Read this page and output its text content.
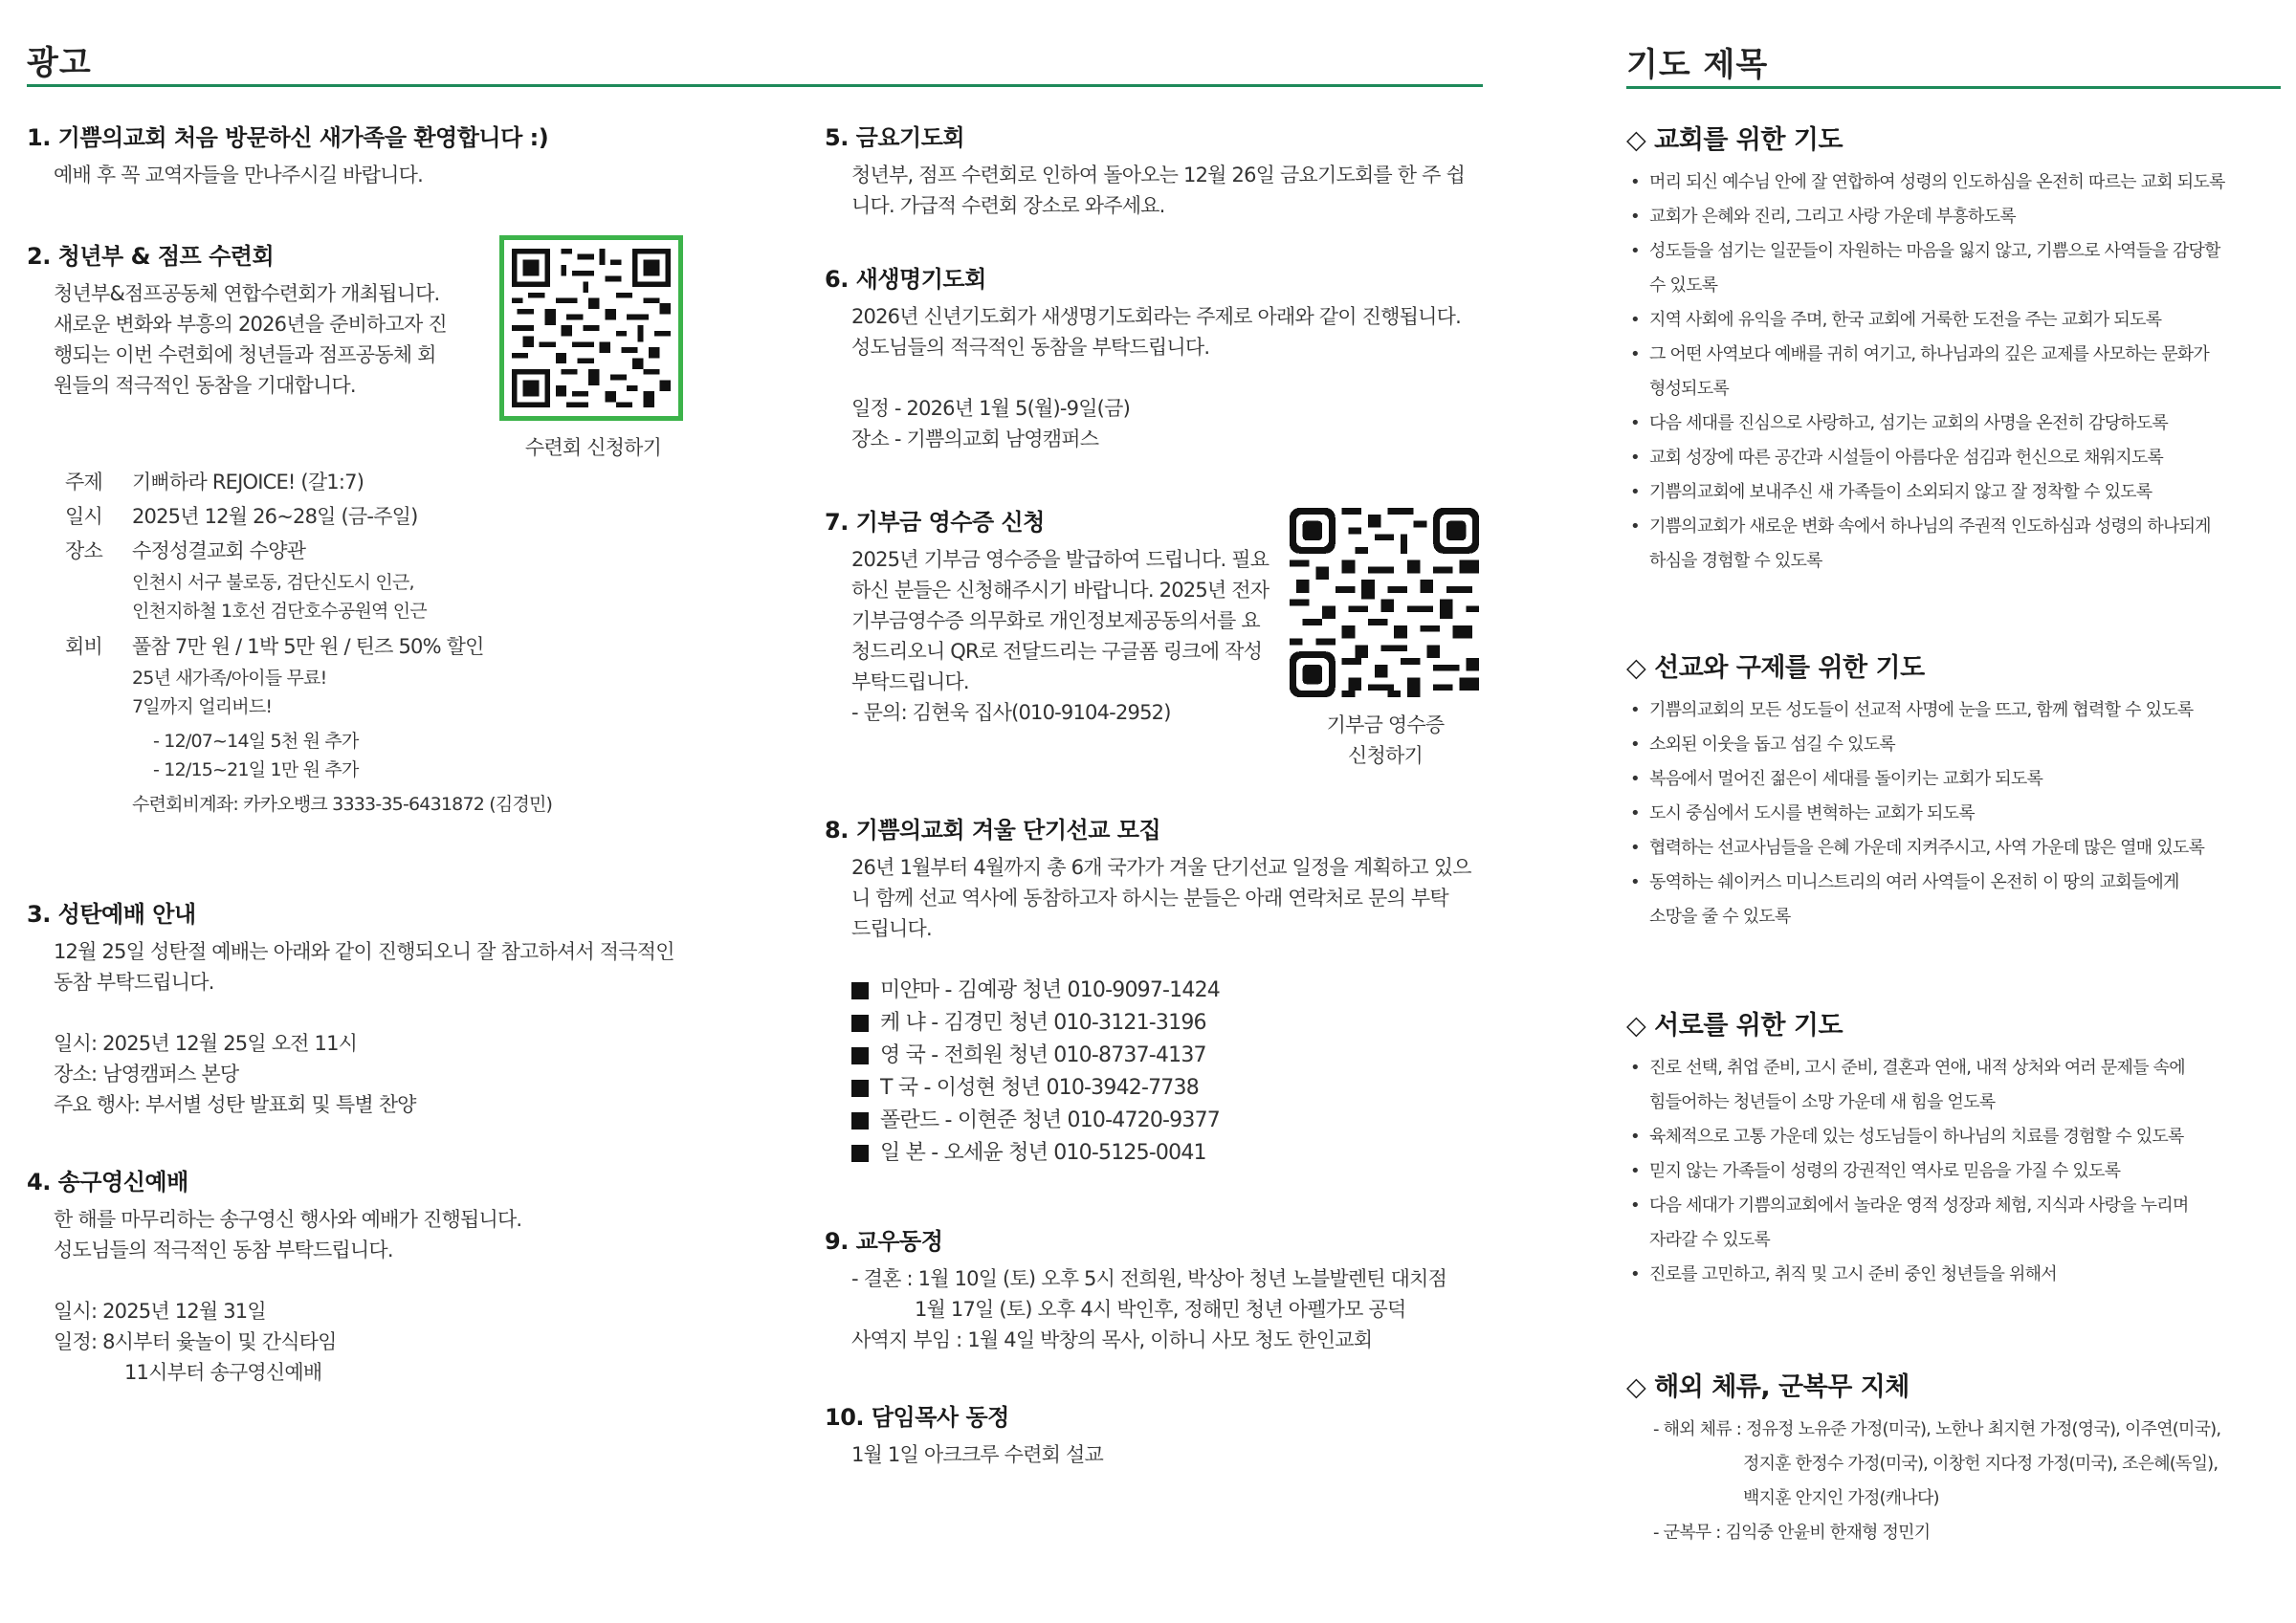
광고
1. 기쁨의교회 처음 방문하신 새가족을 환영합니다 :)

예배 후 꼭 교역자들을 만나주시길 바랍니다.

2. 청년부 & 점프 수련회

청년부&점프공동체 연합수련회가 개최됩니다.

새로운 변화와 부흥의 2026년을 준비하고자 진

행되는 이번 수련회에 청년들과 점프공동체 회

원들의 적극적인 동참을 기대합니다.

수련회 신청하기
주제	기뻐하라 REJOICE! (갈1:7)
일시	2025년 12월 26~28일 (금-주일)
장소	수정성결교회 수양관
인천시 서구 불로동, 검단신도시 인근,
인천지하철 1호선 검단호수공원역 인근
회비	풀참 7만 원 / 1박 5만 원 / 틴즈 50% 할인
25년 새가족/아이들 무료!
7일까지 얼리버드!
- 12/07~14일 5천 원 추가
- 12/15~21일 1만 원 추가
수련회비계좌: 카카오뱅크 3333-35-6431872 (김경민)
3. 성탄예배 안내

12월 25일 성탄절 예배는 아래와 같이 진행되오니 잘 참고하셔서 적극적인

동참 부탁드립니다.

일시: 2025년 12월 25일 오전 11시

장소: 남영캠퍼스 본당

주요 행사: 부서별 성탄 발표회 및 특별 찬양

4. 송구영신예배

한 해를 마무리하는 송구영신 행사와 예배가 진행됩니다.

성도님들의 적극적인 동참 부탁드립니다.

일시: 2025년 12월 31일

일정: 8시부터 윷놀이 및 간식타임

11시부터 송구영신예배

5. 금요기도회

청년부, 점프 수련회로 인하여 돌아오는 12월 26일 금요기도회를 한 주 쉽

니다. 가급적 수련회 장소로 와주세요.

6. 새생명기도회

2026년 신년기도회가 새생명기도회라는 주제로 아래와 같이 진행됩니다.

성도님들의 적극적인 동참을 부탁드립니다.

일정 - 2026년 1월 5(월)-9일(금)

장소 - 기쁨의교회 남영캠퍼스

7. 기부금 영수증 신청

2025년 기부금 영수증을 발급하여 드립니다. 필요

하신 분들은 신청해주시기 바랍니다. 2025년 전자

기부금영수증 의무화로 개인정보제공동의서를 요

청드리오니 QR로 전달드리는 구글폼 링크에 작성

부탁드립니다.

- 문의: 김현욱 집사(010-9104-2952)

기부금 영수증
신청하기
8. 기쁨의교회 겨울 단기선교 모집

26년 1월부터 4월까지 총 6개 국가가 겨울 단기선교 일정을 계획하고 있으

니 함께 선교 역사에 동참하고자 하시는 분들은 아래 연락처로 문의 부탁

드립니다.

미얀마 - 김예광 청년 010-9097-1424
케 냐 - 김경민 청년 010-3121-3196
영 국 - 전희원 청년 010-8737-4137
T 국 - 이성현 청년 010-3942-7738
폴란드 - 이현준 청년 010-4720-9377
일 본 - 오세윤 청년 010-5125-0041
9. 교우동정

- 결혼 : 1월 10일 (토) 오후 5시 전희원, 박상아 청년 노블발렌틴 대치점

1월 17일 (토) 오후 4시 박인후, 정해민 청년 아펠가모 공덕

사역지 부임 : 1월 4일 박창의 목사, 이하니 사모 청도 한인교회

10. 담임목사 동정

1월 1일 아크크루 수련회 설교

기도 제목
◇ 교회를 위한 기도
• 머리 되신 예수님 안에 잘 연합하여 성령의 인도하심을 온전히 따르는 교회 되도록
• 교회가 은혜와 진리, 그리고 사랑 가운데 부흥하도록
• 성도들을 섬기는 일꾼들이 자원하는 마음을 잃지 않고, 기쁨으로 사역들을 감당할
수 있도록
• 지역 사회에 유익을 주며, 한국 교회에 거룩한 도전을 주는 교회가 되도록
• 그 어떤 사역보다 예배를 귀히 여기고, 하나님과의 깊은 교제를 사모하는 문화가
형성되도록
• 다음 세대를 진심으로 사랑하고, 섬기는 교회의 사명을 온전히 감당하도록
• 교회 성장에 따른 공간과 시설들이 아름다운 섬김과 헌신으로 채워지도록
• 기쁨의교회에 보내주신 새 가족들이 소외되지 않고 잘 정착할 수 있도록
• 기쁨의교회가 새로운 변화 속에서 하나님의 주권적 인도하심과 성령의 하나되게
하심을 경험할 수 있도록
◇ 선교와 구제를 위한 기도
• 기쁨의교회의 모든 성도들이 선교적 사명에 눈을 뜨고, 함께 협력할 수 있도록
• 소외된 이웃을 돕고 섬길 수 있도록
• 복음에서 멀어진 젊은이 세대를 돌이키는 교회가 되도록
• 도시 중심에서 도시를 변혁하는 교회가 되도록
• 협력하는 선교사님들을 은혜 가운데 지켜주시고, 사역 가운데 많은 열매 있도록
• 동역하는 쉐이커스 미니스트리의 여러 사역들이 온전히 이 땅의 교회들에게
소망을 줄 수 있도록
◇ 서로를 위한 기도
• 진로 선택, 취업 준비, 고시 준비, 결혼과 연애, 내적 상처와 여러 문제들 속에
힘들어하는 청년들이 소망 가운데 새 힘을 얻도록
• 육체적으로 고통 가운데 있는 성도님들이 하나님의 치료를 경험할 수 있도록
• 믿지 않는 가족들이 성령의 강권적인 역사로 믿음을 가질 수 있도록
• 다음 세대가 기쁨의교회에서 놀라운 영적 성장과 체험, 지식과 사랑을 누리며
자라갈 수 있도록
• 진로를 고민하고, 취직 및 고시 준비 중인 청년들을 위해서
◇ 해외 체류, 군복무 지체
- 해외 체류 : 정유정 노유준 가정(미국), 노한나 최지현 가정(영국), 이주연(미국),
정지훈 한정수 가정(미국), 이창헌 지다정 가정(미국), 조은혜(독일),
백지훈 안지인 가정(캐나다)
- 군복무 : 김익중 안윤비 한재형 정민기
